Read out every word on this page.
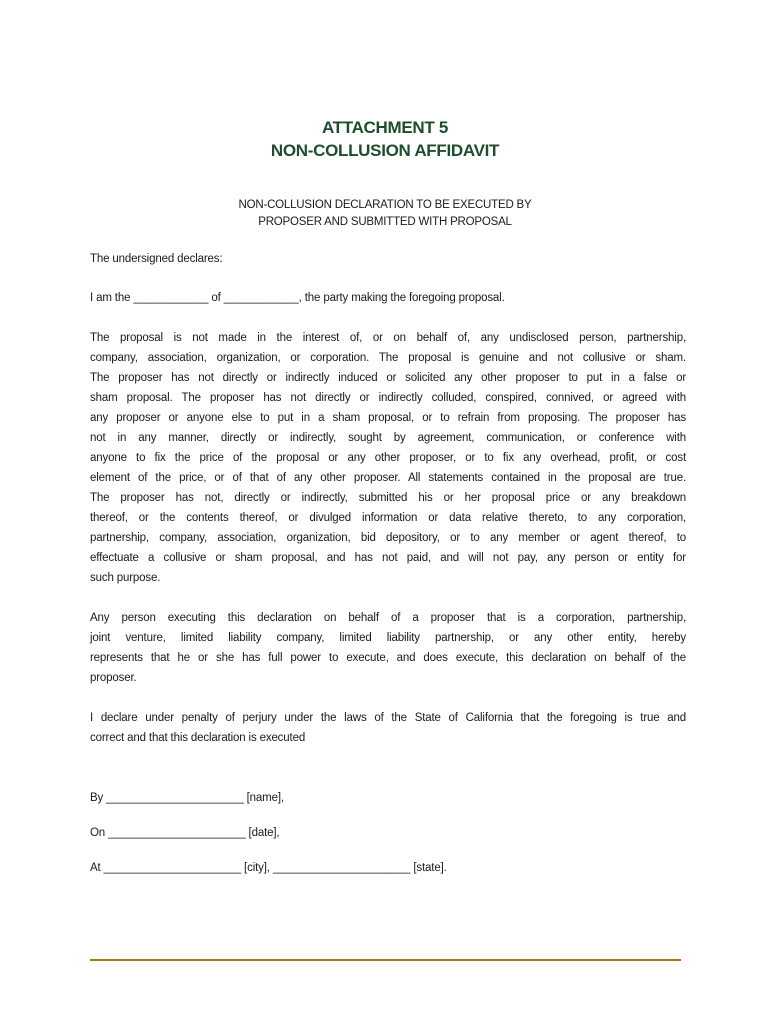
ATTACHMENT 5
NON-COLLUSION AFFIDAVIT
NON-COLLUSION DECLARATION TO BE EXECUTED BY
PROPOSER AND SUBMITTED WITH PROPOSAL
The undersigned declares:
I am the ____________ of ____________, the party making the foregoing proposal.
The proposal is not made in the interest of, or on behalf of, any undisclosed person, partnership,
company, association, organization, or corporation. The proposal is genuine and not collusive or sham.
The proposer has not directly or indirectly induced or solicited any other proposer to put in a false or
sham proposal. The proposer has not directly or indirectly colluded, conspired, connived, or agreed with
any proposer or anyone else to put in a sham proposal, or to refrain from proposing. The proposer has
not in any manner, directly or indirectly, sought by agreement, communication, or conference with
anyone to fix the price of the proposal or any other proposer, or to fix any overhead, profit, or cost
element of the price, or of that of any other proposer. All statements contained in the proposal are true.
The proposer has not, directly or indirectly, submitted his or her proposal price or any breakdown
thereof, or the contents thereof, or divulged information or data relative thereto, to any corporation,
partnership, company, association, organization, bid depository, or to any member or agent thereof, to
effectuate a collusive or sham proposal, and has not paid, and will not pay, any person or entity for
such purpose.
Any person executing this declaration on behalf of a proposer that is a corporation, partnership,
joint venture, limited liability company, limited liability partnership, or any other entity, hereby
represents that he or she has full power to execute, and does execute, this declaration on behalf of the
proposer.
I declare under penalty of perjury under the laws of the State of California that the foregoing is true and
correct and that this declaration is executed
By ______________________ [name],
On ______________________ [date],
At ______________________ [city], ______________________ [state].
